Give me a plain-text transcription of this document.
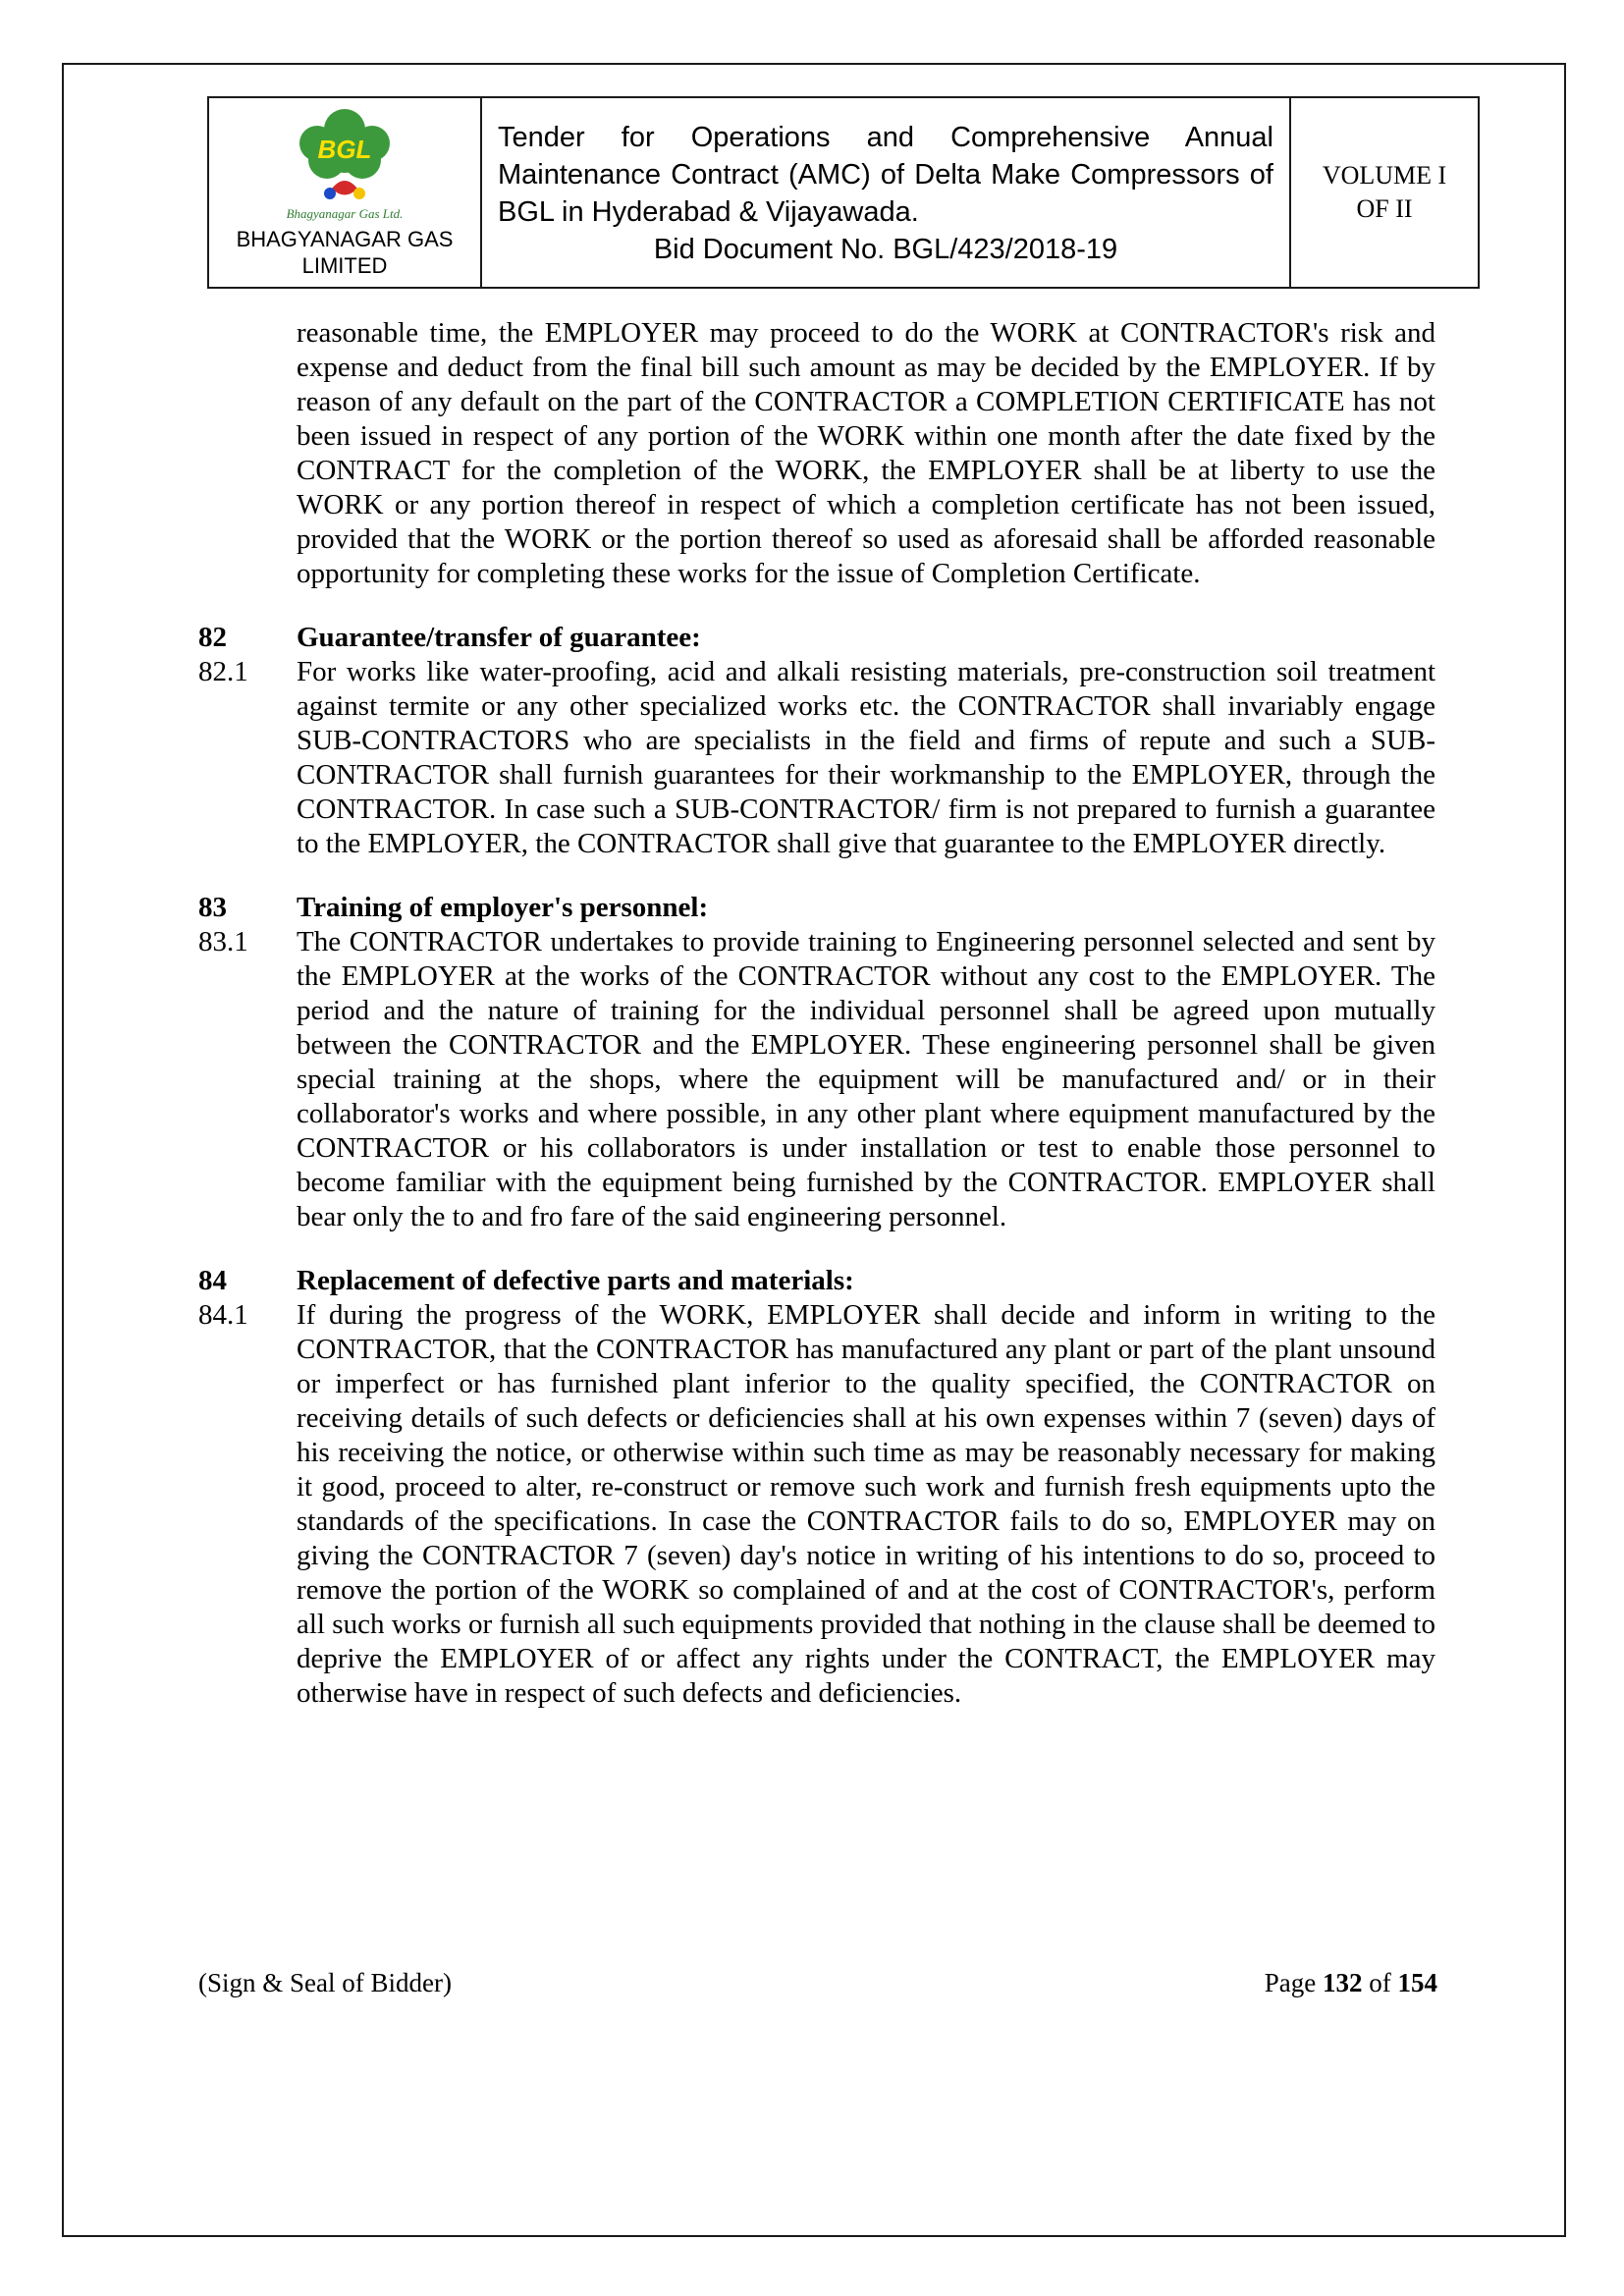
BGL
Bhagyanagar Gas Ltd.
BHAGYANAGAR GAS
LIMITED
Tender for Operations and Comprehensive Annual Maintenance Contract (AMC) of Delta Make Compressors of BGL in Hyderabad & Vijayawada.
Bid Document No. BGL/423/2018-19
VOLUME I
OF II

reasonable time, the EMPLOYER may proceed to do the WORK at CONTRACTOR's risk and expense and deduct from the final bill such amount as may be decided by the EMPLOYER. If by reason of any default on the part of the CONTRACTOR a COMPLETION CERTIFICATE has not been issued in respect of any portion of the WORK within one month after the date fixed by the CONTRACT for the completion of the WORK, the EMPLOYER shall be at liberty to use the WORK or any portion thereof in respect of which a completion certificate has not been issued, provided that the WORK or the portion thereof so used as aforesaid shall be afforded reasonable opportunity for completing these works for the issue of Completion Certificate.

82	Guarantee/transfer of guarantee:
82.1	For works like water-proofing, acid and alkali resisting materials, pre-construction soil treatment against termite or any other specialized works etc. the CONTRACTOR shall invariably engage SUB-CONTRACTORS who are specialists in the field and firms of repute and such a SUB-CONTRACTOR shall furnish guarantees for their workmanship to the EMPLOYER, through the CONTRACTOR. In case such a SUB-CONTRACTOR/ firm is not prepared to furnish a guarantee to the EMPLOYER, the CONTRACTOR shall give that guarantee to the EMPLOYER directly.
83	Training of employer's personnel:
83.1	The CONTRACTOR undertakes to provide training to Engineering personnel selected and sent by the EMPLOYER at the works of the CONTRACTOR without any cost to the EMPLOYER. The period and the nature of training for the individual personnel shall be agreed upon mutually between the CONTRACTOR and the EMPLOYER. These engineering personnel shall be given special training at the shops, where the equipment will be manufactured and/ or in their collaborator's works and where possible, in any other plant where equipment manufactured by the CONTRACTOR or his collaborators is under installation or test to enable those personnel to become familiar with the equipment being furnished by the CONTRACTOR. EMPLOYER shall bear only the to and fro fare of the said engineering personnel.
84	Replacement of defective parts and materials:
84.1	If during the progress of the WORK, EMPLOYER shall decide and inform in writing to the CONTRACTOR, that the CONTRACTOR has manufactured any plant or part of the plant unsound or imperfect or has furnished plant inferior to the quality specified, the CONTRACTOR on receiving details of such defects or deficiencies shall at his own expenses within 7 (seven) days of his receiving the notice, or otherwise within such time as may be reasonably necessary for making it good, proceed to alter, re-construct or remove such work and furnish fresh equipments upto the standards of the specifications. In case the CONTRACTOR fails to do so, EMPLOYER may on giving the CONTRACTOR 7 (seven) day's notice in writing of his intentions to do so, proceed to remove the portion of the WORK so complained of and at the cost of CONTRACTOR's, perform all such works or furnish all such equipments provided that nothing in the clause shall be deemed to deprive the EMPLOYER of or affect any rights under the CONTRACT, the EMPLOYER may otherwise have in respect of such defects and deficiencies.
(Sign & Seal of Bidder)	Page 132 of 154
